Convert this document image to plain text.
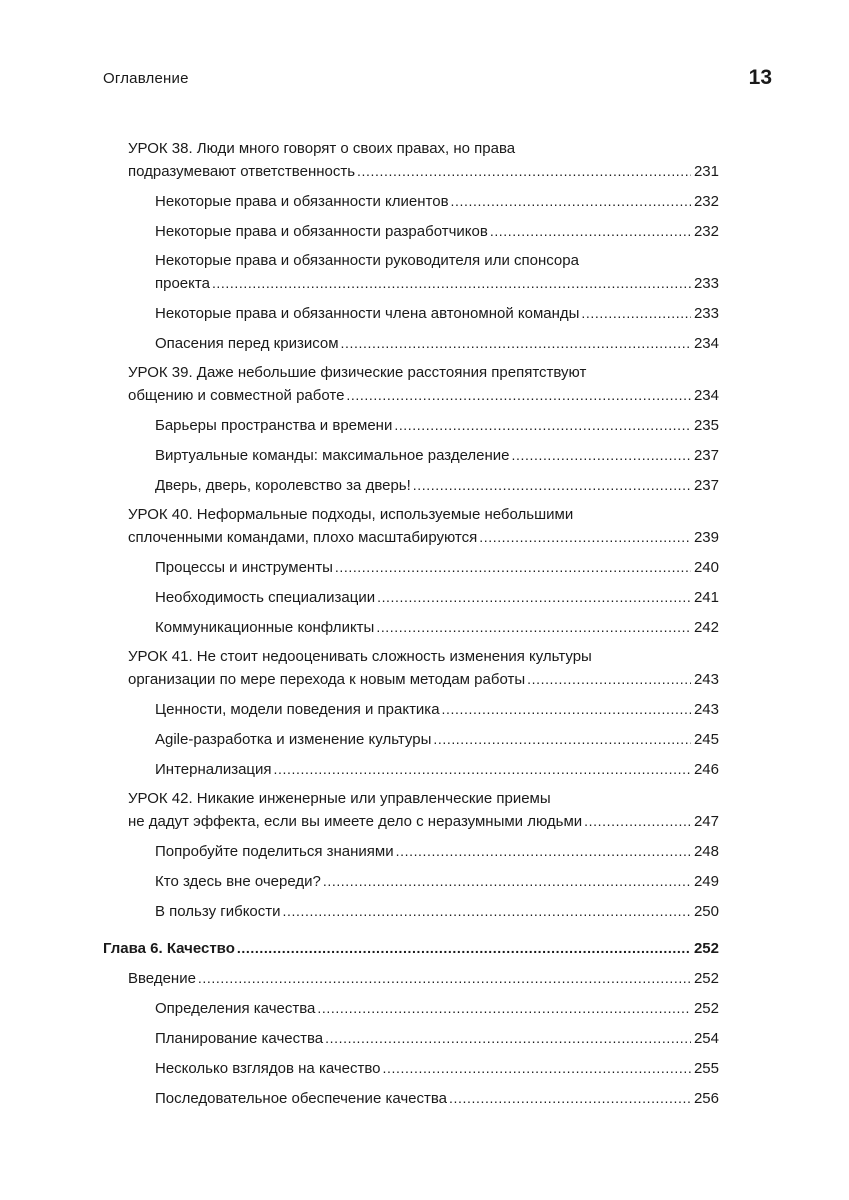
Оглавление	13
УРОК 38. Люди много говорят о своих правах, но права
подразумевают ответственность .....	231
Некоторые права и обязанности клиентов .....	232
Некоторые права и обязанности разработчиков .....	232
Некоторые права и обязанности руководителя или спонсора
проекта .....	233
Некоторые права и обязанности члена автономной команды .....	233
Опасения перед кризисом .....	234
УРОК 39. Даже небольшие физические расстояния препятствуют
общению и совместной работе .....	234
Барьеры пространства и времени .....	235
Виртуальные команды: максимальное разделение .....	237
Дверь, дверь, королевство за дверь! .....	237
УРОК 40. Неформальные подходы, используемые небольшими
сплоченными командами, плохо масштабируются .....	239
Процессы и инструменты .....	240
Необходимость специализации .....	241
Коммуникационные конфликты .....	242
УРОК 41. Не стоит недооценивать сложность изменения культуры
организации по мере перехода к новым методам работы .....	243
Ценности, модели поведения и практика .....	243
Agile-разработка и изменение культуры .....	245
Интернализация .....	246
УРОК 42. Никакие инженерные или управленческие приемы
не дадут эффекта, если вы имеете дело с неразумными людьми .....	247
Попробуйте поделиться знаниями .....	248
Кто здесь вне очереди? .....	249
В пользу гибкости .....	250
Глава 6. Качество .....	252
Введение .....	252
Определения качества .....	252
Планирование качества .....	254
Несколько взглядов на качество .....	255
Последовательное обеспечение качества .....	256
